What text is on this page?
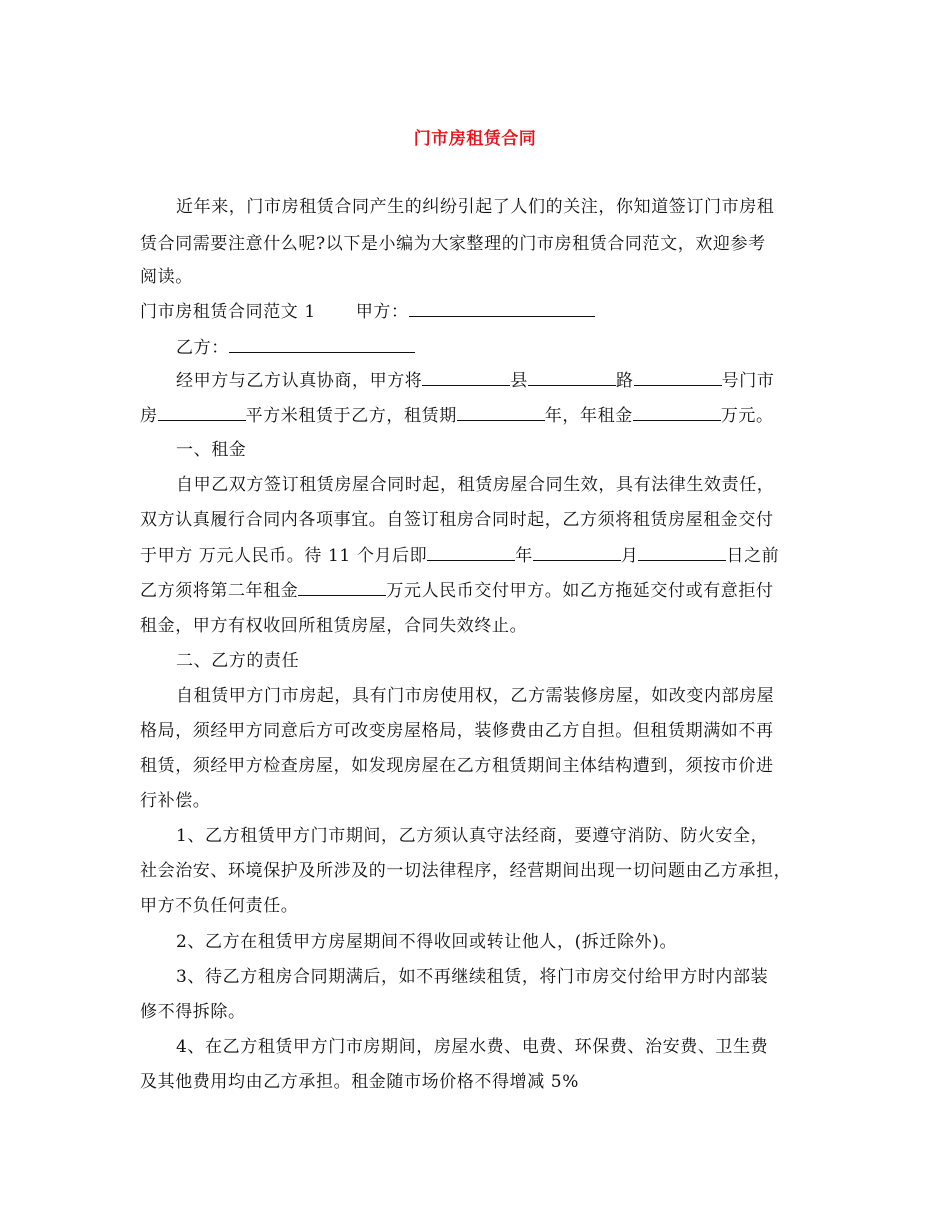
门市房租赁合同
近年来，门市房租赁合同产生的纠纷引起了人们的关注，你知道签订门市房租
赁合同需要注意什么呢?以下是小编为大家整理的门市房租赁合同范文，欢迎参考
阅读。
门市房租赁合同范文 1 甲方：
乙方：
经甲方与乙方认真协商，甲方将	县	路	号门市
房	平方米租赁于乙方，租赁期	年，年租金	万元。
一、租金
自甲乙双方签订租赁房屋合同时起，租赁房屋合同生效，具有法律生效责任，
双方认真履行合同内各项事宜。自签订租房合同时起，乙方须将租赁房屋租金交付
于甲方 万元人民币。待 11 个月后即	年	月	日之前
乙方须将第二年租金	万元人民币交付甲方。如乙方拖延交付或有意拒付
租金，甲方有权收回所租赁房屋，合同失效终止。
二、乙方的责任
自租赁甲方门市房起，具有门市房使用权，乙方需装修房屋，如改变内部房屋
格局，须经甲方同意后方可改变房屋格局，装修费由乙方自担。但租赁期满如不再
租赁，须经甲方检查房屋，如发现房屋在乙方租赁期间主体结构遭到，须按市价进
行补偿。
1、乙方租赁甲方门市期间，乙方须认真守法经商，要遵守消防、防火安全，
社会治安、环境保护及所涉及的一切法律程序，经营期间出现一切问题由乙方承担，
甲方不负任何责任。
2、乙方在租赁甲方房屋期间不得收回或转让他人，(拆迁除外)。
3、待乙方租房合同期满后，如不再继续租赁，将门市房交付给甲方时内部装
修不得拆除。
4、在乙方租赁甲方门市房期间，房屋水费、电费、环保费、治安费、卫生费
及其他费用均由乙方承担。租金随市场价格不得增减 5%
